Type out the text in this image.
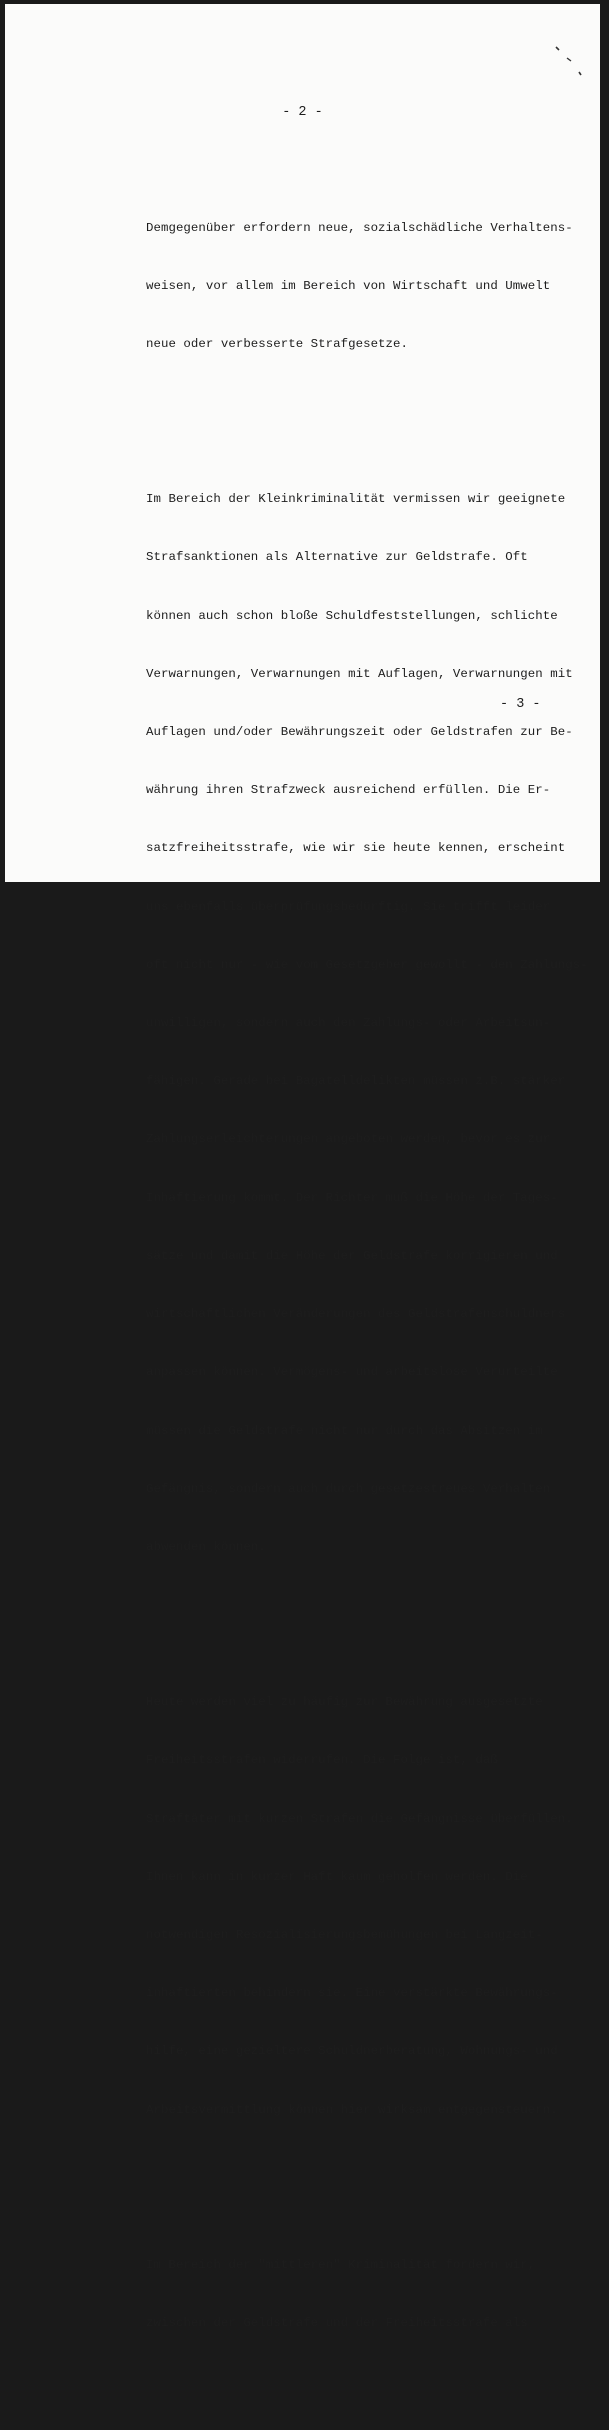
- 2 -

Demgegenüber erfordern neue, sozialschädliche Verhaltens-

weisen, vor allem im Bereich von Wirtschaft und Umwelt

neue oder verbesserte Strafgesetze.

Im Bereich der Kleinkriminalität vermissen wir geeignete

Strafsanktionen als Alternative zur Geldstrafe. Oft

können auch schon bloße Schuldfeststellungen, schlichte

Verwarnungen, Verwarnungen mit Auflagen, Verwarnungen mit

Auflagen und/oder Bewährungszeit oder Geldstrafen zur Be-

währung ihren Strafzweck ausreichend erfüllen. Die Er-

satzfreiheitsstrafe, wie wir sie heute kennen, erscheint

uns ebenfalls überprüfungsbedürftig. Sie trifft leider

oft nicht nur - wie vom Gesetzgeber gewollt - den Zahlungs-

unwilligen, sondern auch den Zahlungs- oder Arbeitsun-

fähigen. Gerade bei Bagatelldelikten müssen z.B. stärker

Zahlungserleichterungen angeboten werden, bevor es zur

Inhaftierung kommt. Der Richter muß die Höhe der Tages-

sätze und damit die Höhe der Geldstrafe korrigieren und

wirtschaftlichen Veränderungen des Geldstrafenschuldners

anpassen können. Vermögens- und arbeitslose Verurteilte

müssen die Geldstrafe nicht nur durch das Absitzen im

Gefängnis, sondern auch durch gesetzestreues Verhalten

abwenden können.

Heute werden viel zu häufig zur Bewährung ausgesetzte

Freiheitsstrafen widerrufen. Die Folge ist, daß

Straftäter mit kurzen Strafen die Gefängnisse überfüllen.

Ihnen kann in kurzer Haft kaum geholfen werden. Die

notwendigen Resozialisierungsbemühungen bei Langzeit-

inhaftierten behindern sie. Eine verstärkte Bewährungs-

hilfe, eine gezieltere Schuldnerberatung, Wohnungs- und

Arbeitsvermittlung können hier wirksam entgegensteuern.

Im Bereich der "mittleren" Kriminalität fordern wir,

zwischen der Geldstrafe und der Freiheitsstrafe als

- 3 -
